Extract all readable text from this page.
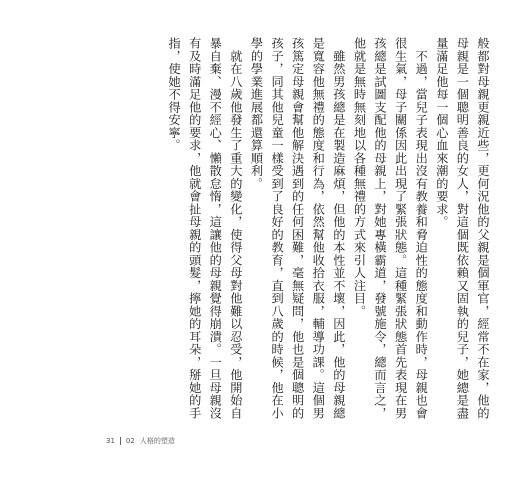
般都對母親更親近些，更何況他的父親是個軍官，經常不在家，他的母親是一個聰明善良的女人，對這個既依賴又固執的兒子，她總是盡量滿足他每一個心血來潮的要求。

　不過，當兒子表現出沒有教養和脅迫性的態度和動作時，母親也會很生氣，母子關係因此出現了緊張狀態。這種緊張狀態首先表現在男孩總是試圖支配他的母親上，對她專橫霸道，發號施令，總而言之，他就是無時無刻地以各種無禮的方式來引人注目。

　雖然男孩總是在製造麻煩，但他的本性並不壞，因此，他的母親總是寬容他無禮的態度和行為，依然幫他收拾衣服，輔導功課。這個男孩篤定母親會幫他解決遇到的任何困難，毫無疑問，他也是個聰明的孩子，同其他兒童一樣受到了良好的教育，直到八歲的時候，他在小學的學業進展都還算順利。

　就在八歲他發生了重大的變化，使得父母對他難以忍受，他開始自暴自棄、漫不經心、懶散怠惰，這讓他的母親覺得崩潰。一旦母親沒有及時滿足他的要求，他就會扯母親的頭髮，擰她的耳朵，掰她的手指，使她不得安寧。

31 02 人格的塑造
